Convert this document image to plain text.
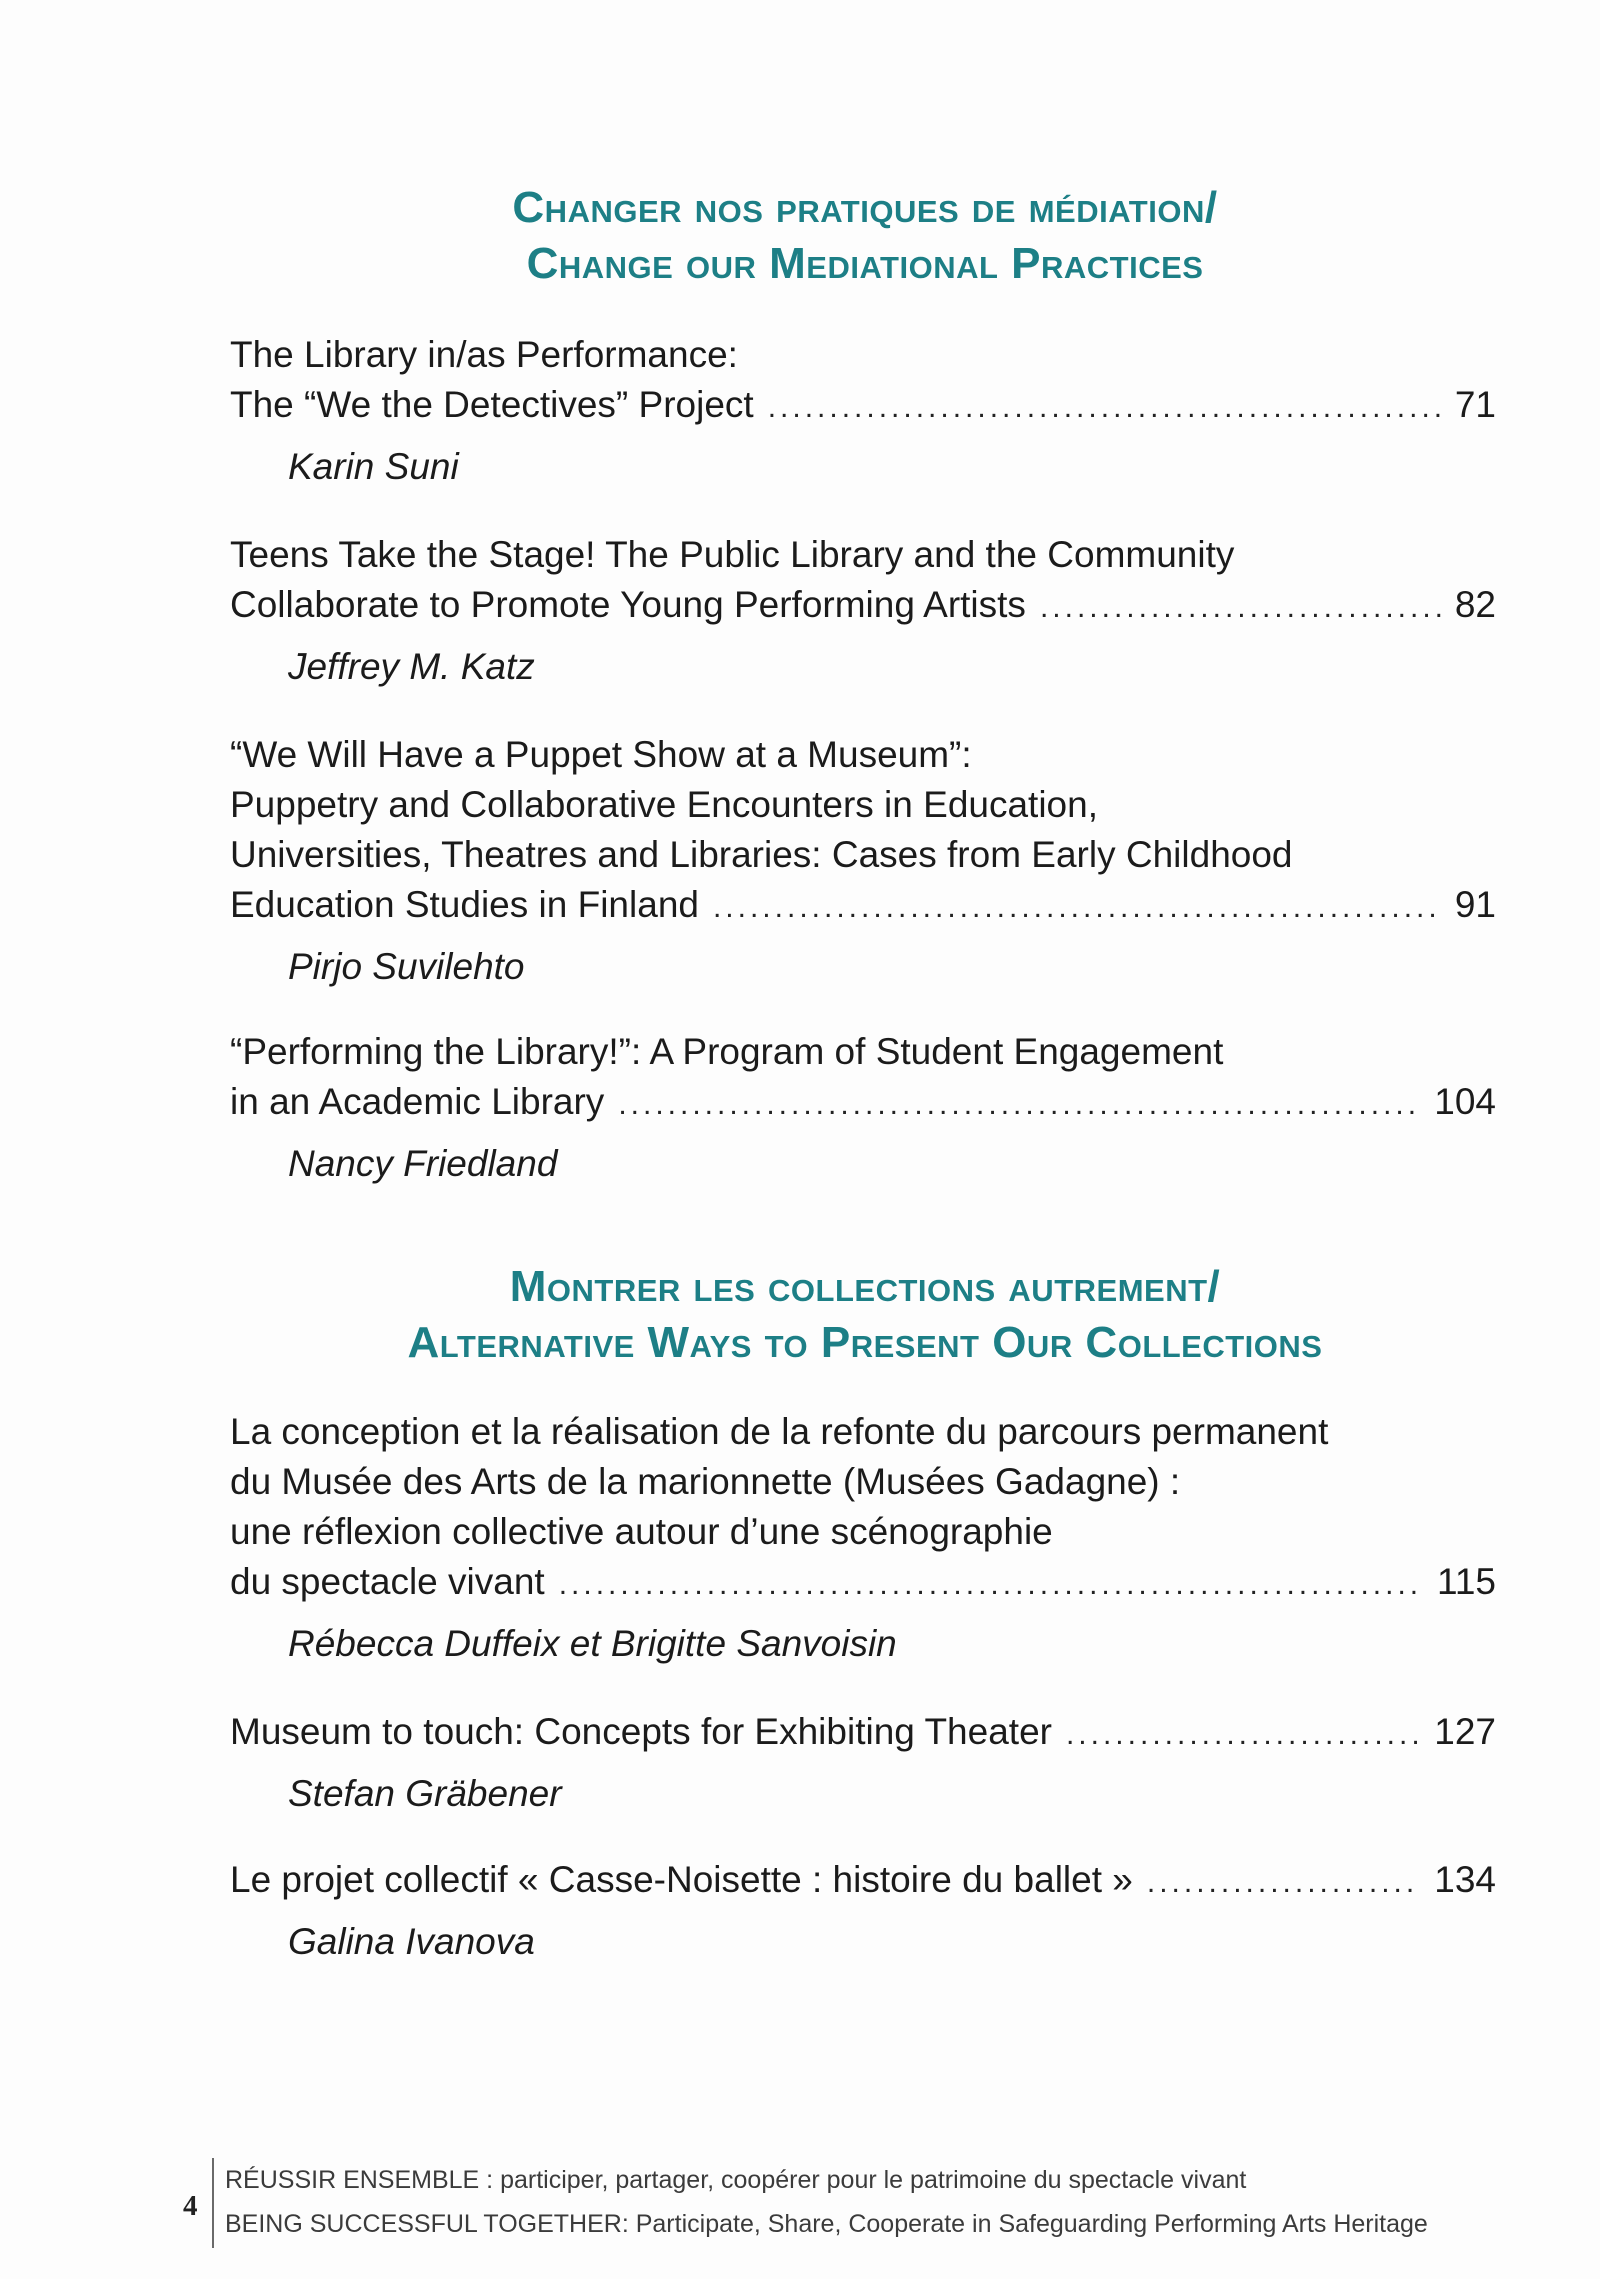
Changer nos pratiques de médiation/
Change our Mediational Practices
The Library in/as Performance:
The “We the Detectives” Project .....	71
Karin Suni
Teens Take the Stage! The Public Library and the Community
Collaborate to Promote Young Performing Artists .....	82
Jeffrey M. Katz
“We Will Have a Puppet Show at a Museum”:
Puppetry and Collaborative Encounters in Education,
Universities, Theatres and Libraries: Cases from Early Childhood
Education Studies in Finland .....	91
Pirjo Suvilehto
“Performing the Library!”: A Program of Student Engagement
in an Academic Library .....	104
Nancy Friedland
Montrer les collections autrement/
Alternative Ways to Present Our Collections
La conception et la réalisation de la refonte du parcours permanent
du Musée des Arts de la marionnette (Musées Gadagne) :
une réflexion collective autour d’une scénographie
du spectacle vivant .....	115
Rébecca Duffeix et Brigitte Sanvoisin
Museum to touch: Concepts for Exhibiting Theater .....	127
Stefan Gräbener
Le projet collectif « Casse-Noisette : histoire du ballet » .....	134
Galina Ivanova
4
RÉUSSIR ENSEMBLE : participer, partager, coopérer pour le patrimoine du spectacle vivant
BEING SUCCESSFUL TOGETHER: Participate, Share, Cooperate in Safeguarding Performing Arts Heritage
